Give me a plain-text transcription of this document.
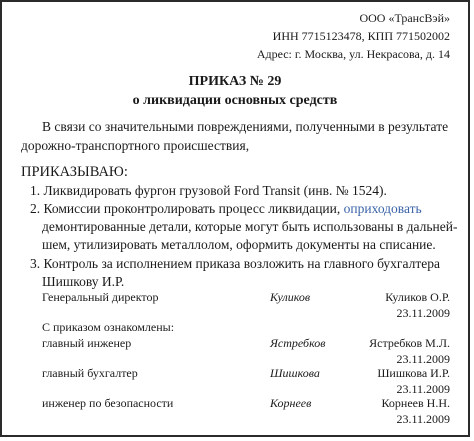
ООО «ТрансВэй»
ИНН 7715123478, КПП 771502002
Адрес: г. Москва, ул. Некрасова, д. 14
ПРИКАЗ № 29
о ликвидации основных средств
В связи со значительными повреждениями, полученными в результате
дорожно-транспортного происшествия,
ПРИКАЗЫВАЮ:
1. Ликвидировать фургон грузовой Ford Transit (инв. № 1524).
2. Комиссии проконтролировать процесс ликвидации, оприходовать
демонтированные детали, которые могут быть использованы в дальней-
шем, утилизировать металлолом, оформить документы на списание.
3. Контроль за исполнением приказа возложить на главного бухгалтера
Шишкову И.Р.
Генеральный директор	Куликов	Куликов О.Р.
23.11.2009
С приказом ознакомлены:
главный инженер	Ястребков	Ястребков М.Л.
23.11.2009
главный бухгалтер	Шишкова	Шишкова И.Р.
23.11.2009
инженер по безопасности	Корнеев	Корнеев Н.Н.
23.11.2009
